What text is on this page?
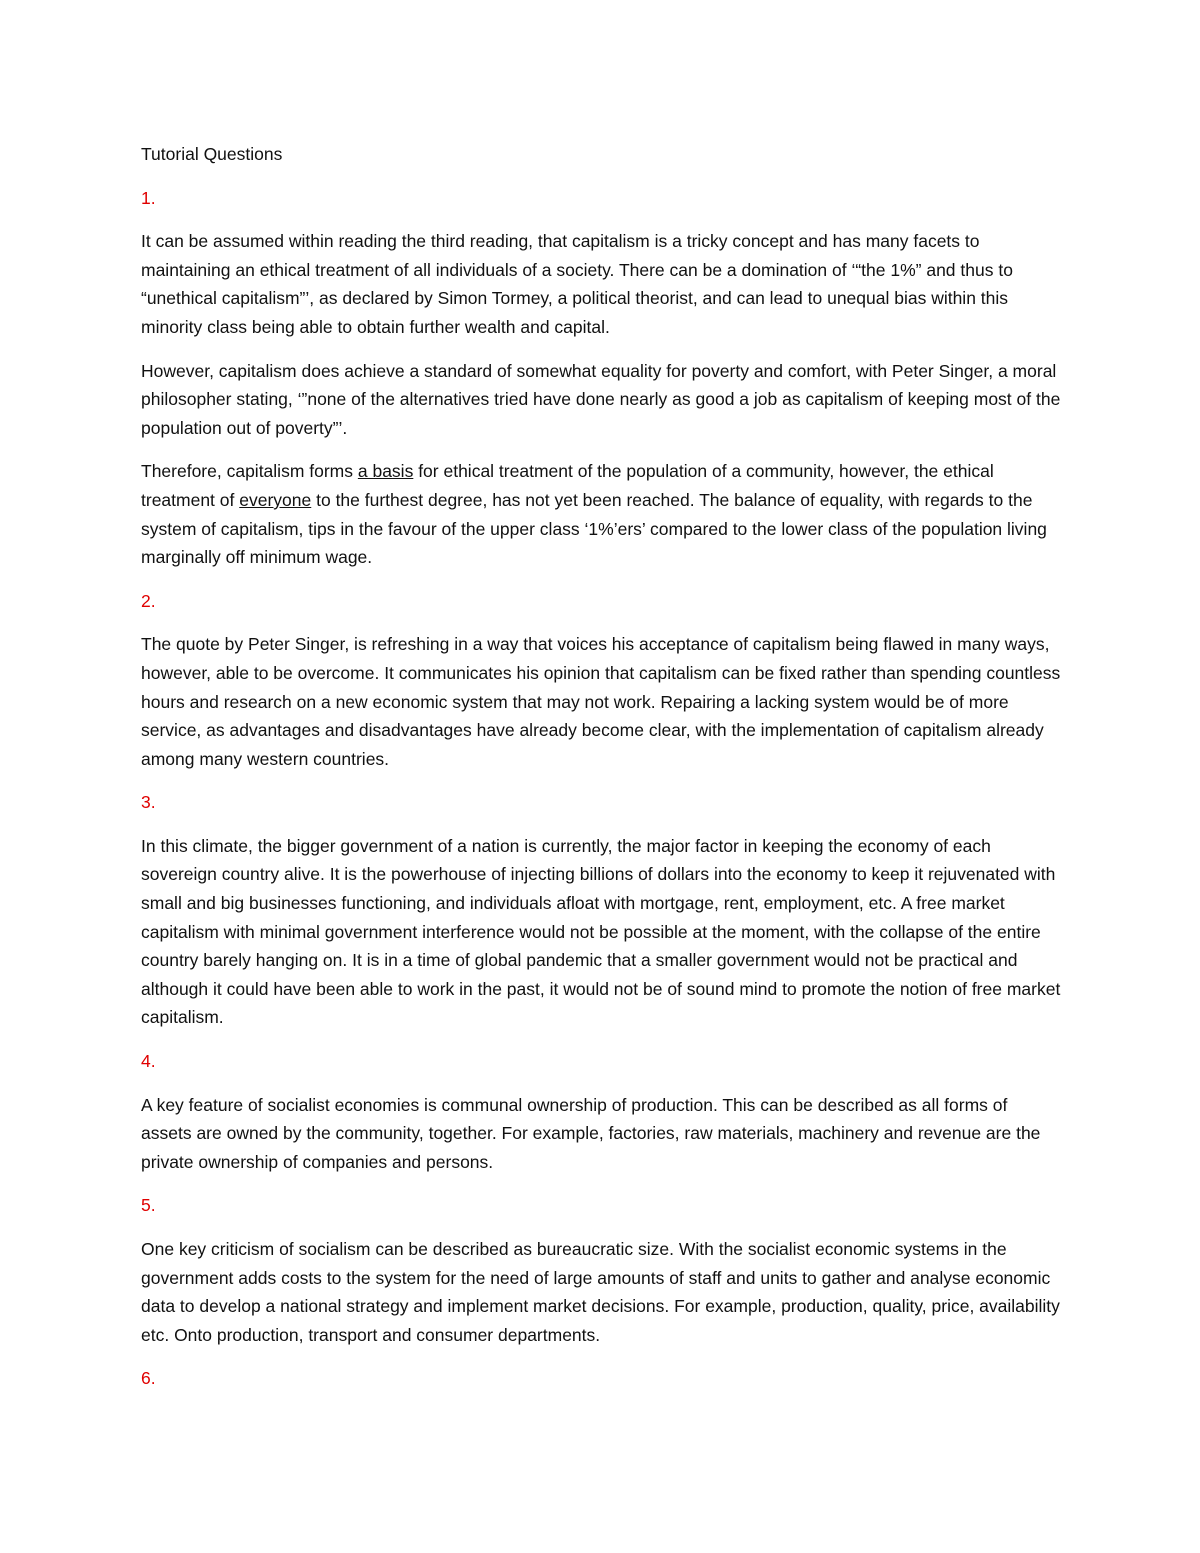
Tutorial Questions
1.
It can be assumed within reading the third reading, that capitalism is a tricky concept and has many facets to maintaining an ethical treatment of all individuals of a society. There can be a domination of ‘“the 1%” and thus to “unethical capitalism”’, as declared by Simon Tormey, a political theorist, and can lead to unequal bias within this minority class being able to obtain further wealth and capital.
However, capitalism does achieve a standard of somewhat equality for poverty and comfort, with Peter Singer, a moral philosopher stating, ‘”none of the alternatives tried have done nearly as good a job as capitalism of keeping most of the population out of poverty”’.
Therefore, capitalism forms a basis for ethical treatment of the population of a community, however, the ethical treatment of everyone to the furthest degree, has not yet been reached. The balance of equality, with regards to the system of capitalism, tips in the favour of the upper class ‘1%’ers’ compared to the lower class of the population living marginally off minimum wage.
2.
The quote by Peter Singer, is refreshing in a way that voices his acceptance of capitalism being flawed in many ways, however, able to be overcome. It communicates his opinion that capitalism can be fixed rather than spending countless hours and research on a new economic system that may not work. Repairing a lacking system would be of more service, as advantages and disadvantages have already become clear, with the implementation of capitalism already among many western countries.
3.
In this climate, the bigger government of a nation is currently, the major factor in keeping the economy of each sovereign country alive. It is the powerhouse of injecting billions of dollars into the economy to keep it rejuvenated with small and big businesses functioning, and individuals afloat with mortgage, rent, employment, etc. A free market capitalism with minimal government interference would not be possible at the moment, with the collapse of the entire country barely hanging on. It is in a time of global pandemic that a smaller government would not be practical and although it could have been able to work in the past, it would not be of sound mind to promote the notion of free market capitalism.
4.
A key feature of socialist economies is communal ownership of production. This can be described as all forms of assets are owned by the community, together. For example, factories, raw materials, machinery and revenue are the private ownership of companies and persons.
5.
One key criticism of socialism can be described as bureaucratic size. With the socialist economic systems in the government adds costs to the system for the need of large amounts of staff and units to gather and analyse economic data to develop a national strategy and implement market decisions. For example, production, quality, price, availability etc. Onto production, transport and consumer departments.
6.
